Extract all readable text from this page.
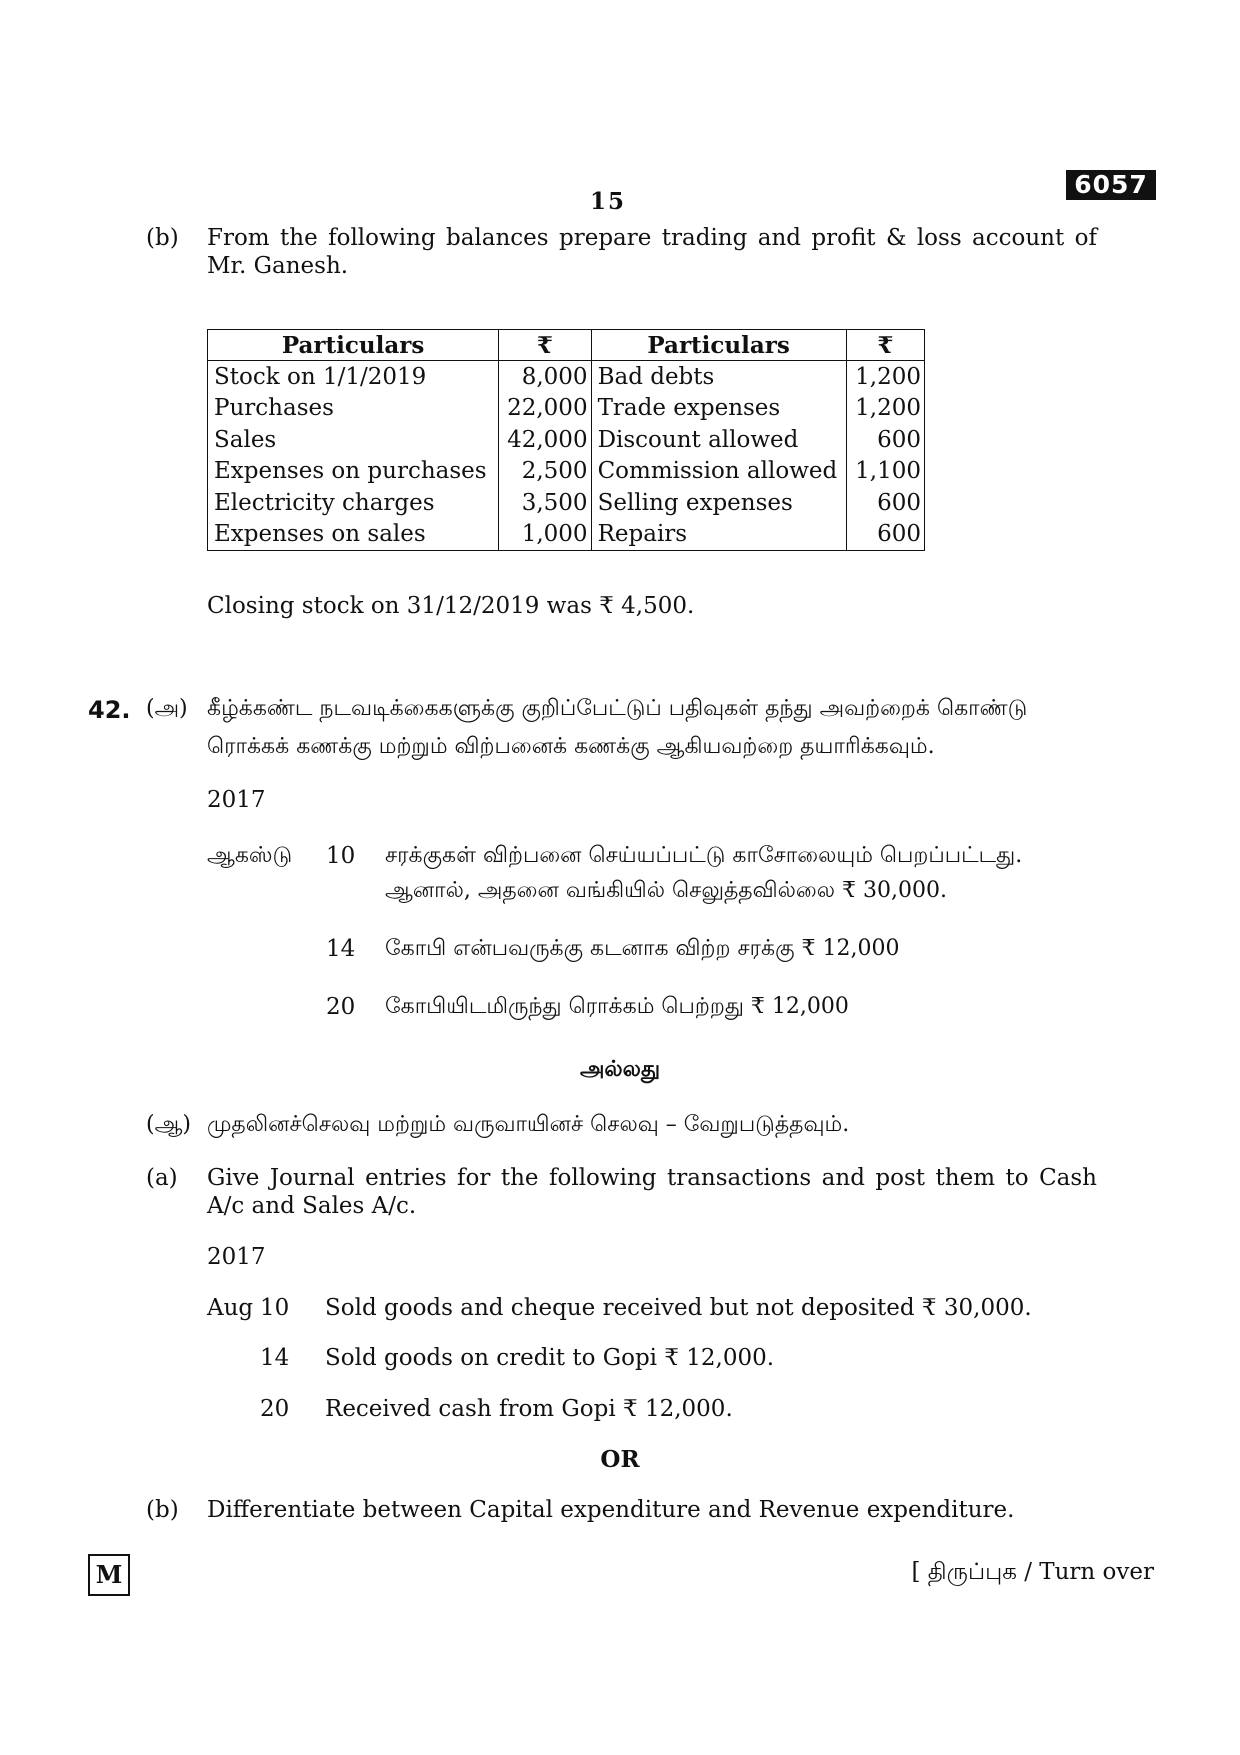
6057
15
(b) From the following balances prepare trading and profit & loss account of Mr. Ganesh.
Particulars	₹	Particulars	₹
Stock on 1/1/2019	8,000	Bad debts	1,200
Purchases	22,000	Trade expenses	1,200
Sales	42,000	Discount allowed	600
Expenses on purchases	2,500	Commission allowed	1,100
Electricity charges	3,500	Selling expenses	600
Expenses on sales	1,000	Repairs	600
Closing stock on 31/12/2019 was ₹ 4,500.
42. (அ) கீழ்க்கண்ட நடவடிக்கைகளுக்கு குறிப்பேட்டுப் பதிவுகள் தந்து அவற்றைக் கொண்டு
ரொக்கக் கணக்கு மற்றும் விற்பனைக் கணக்கு ஆகியவற்றை தயாரிக்கவும்.
2017
ஆகஸ்டு 10 சரக்குகள் விற்பனை செய்யப்பட்டு காசோலையும் பெறப்பட்டது.
ஆனால், அதனை வங்கியில் செலுத்தவில்லை ₹ 30,000.
14 கோபி என்பவருக்கு கடனாக விற்ற சரக்கு ₹ 12,000
20 கோபியிடமிருந்து ரொக்கம் பெற்றது ₹ 12,000
அல்லது
(ஆ) முதலினச்செலவு மற்றும் வருவாயினச் செலவு – வேறுபடுத்தவும்.
(a) Give Journal entries for the following transactions and post them to Cash A/c and Sales A/c.
2017
Aug 10 Sold goods and cheque received but not deposited ₹ 30,000.
14 Sold goods on credit to Gopi ₹ 12,000.
20 Received cash from Gopi ₹ 12,000.
OR
(b) Differentiate between Capital expenditure and Revenue expenditure.
M	[ திருப்புக / Turn over
